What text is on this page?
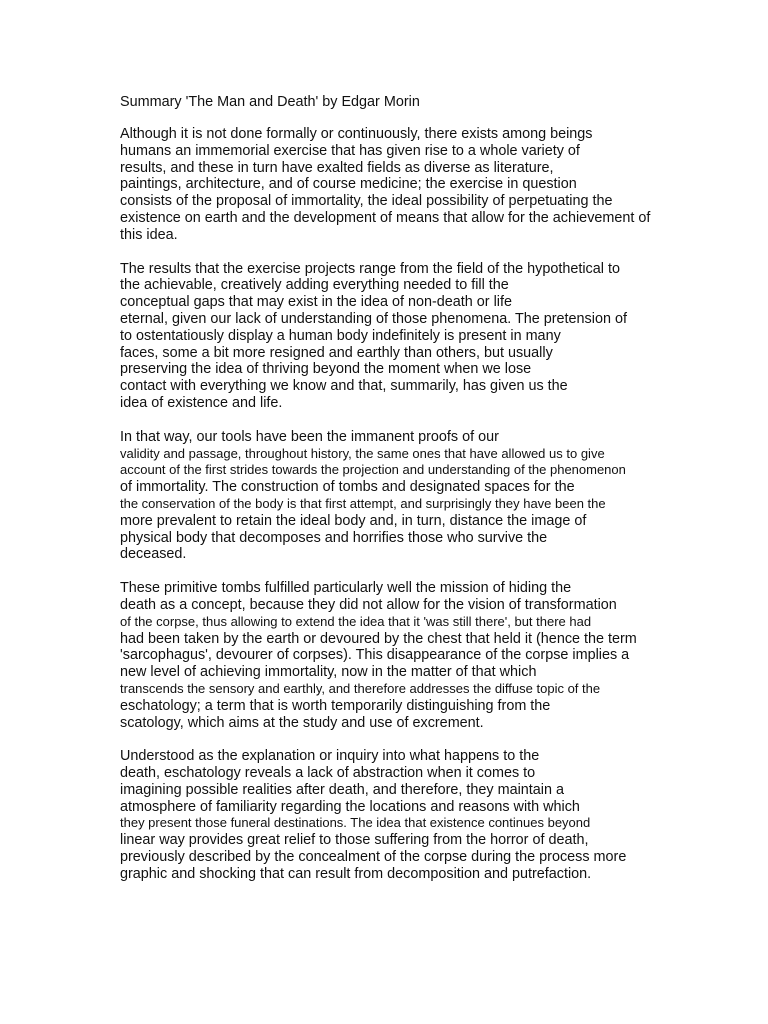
Summary 'The Man and Death' by Edgar Morin
Although it is not done formally or continuously, there exists among beings
humans an immemorial exercise that has given rise to a whole variety of
results, and these in turn have exalted fields as diverse as literature,
paintings, architecture, and of course medicine; the exercise in question
consists of the proposal of immortality, the ideal possibility of perpetuating the
existence on earth and the development of means that allow for the achievement of
this idea.
The results that the exercise projects range from the field of the hypothetical to
the achievable, creatively adding everything needed to fill the
conceptual gaps that may exist in the idea of non-death or life
eternal, given our lack of understanding of those phenomena. The pretension of
to ostentatiously display a human body indefinitely is present in many
faces, some a bit more resigned and earthly than others, but usually
preserving the idea of thriving beyond the moment when we lose
contact with everything we know and that, summarily, has given us the
idea of existence and life.
In that way, our tools have been the immanent proofs of our
validity and passage, throughout history, the same ones that have allowed us to give
account of the first strides towards the projection and understanding of the phenomenon
of immortality. The construction of tombs and designated spaces for the
the conservation of the body is that first attempt, and surprisingly they have been the
more prevalent to retain the ideal body and, in turn, distance the image of
physical body that decomposes and horrifies those who survive the
deceased.
These primitive tombs fulfilled particularly well the mission of hiding the
death as a concept, because they did not allow for the vision of transformation
of the corpse, thus allowing to extend the idea that it 'was still there', but there had
had been taken by the earth or devoured by the chest that held it (hence the term
'sarcophagus', devourer of corpses). This disappearance of the corpse implies a
new level of achieving immortality, now in the matter of that which
transcends the sensory and earthly, and therefore addresses the diffuse topic of the
eschatology; a term that is worth temporarily distinguishing from the
scatology, which aims at the study and use of excrement.
Understood as the explanation or inquiry into what happens to the
death, eschatology reveals a lack of abstraction when it comes to
imagining possible realities after death, and therefore, they maintain a
atmosphere of familiarity regarding the locations and reasons with which
they present those funeral destinations. The idea that existence continues beyond
linear way provides great relief to those suffering from the horror of death,
previously described by the concealment of the corpse during the process more
graphic and shocking that can result from decomposition and putrefaction.
